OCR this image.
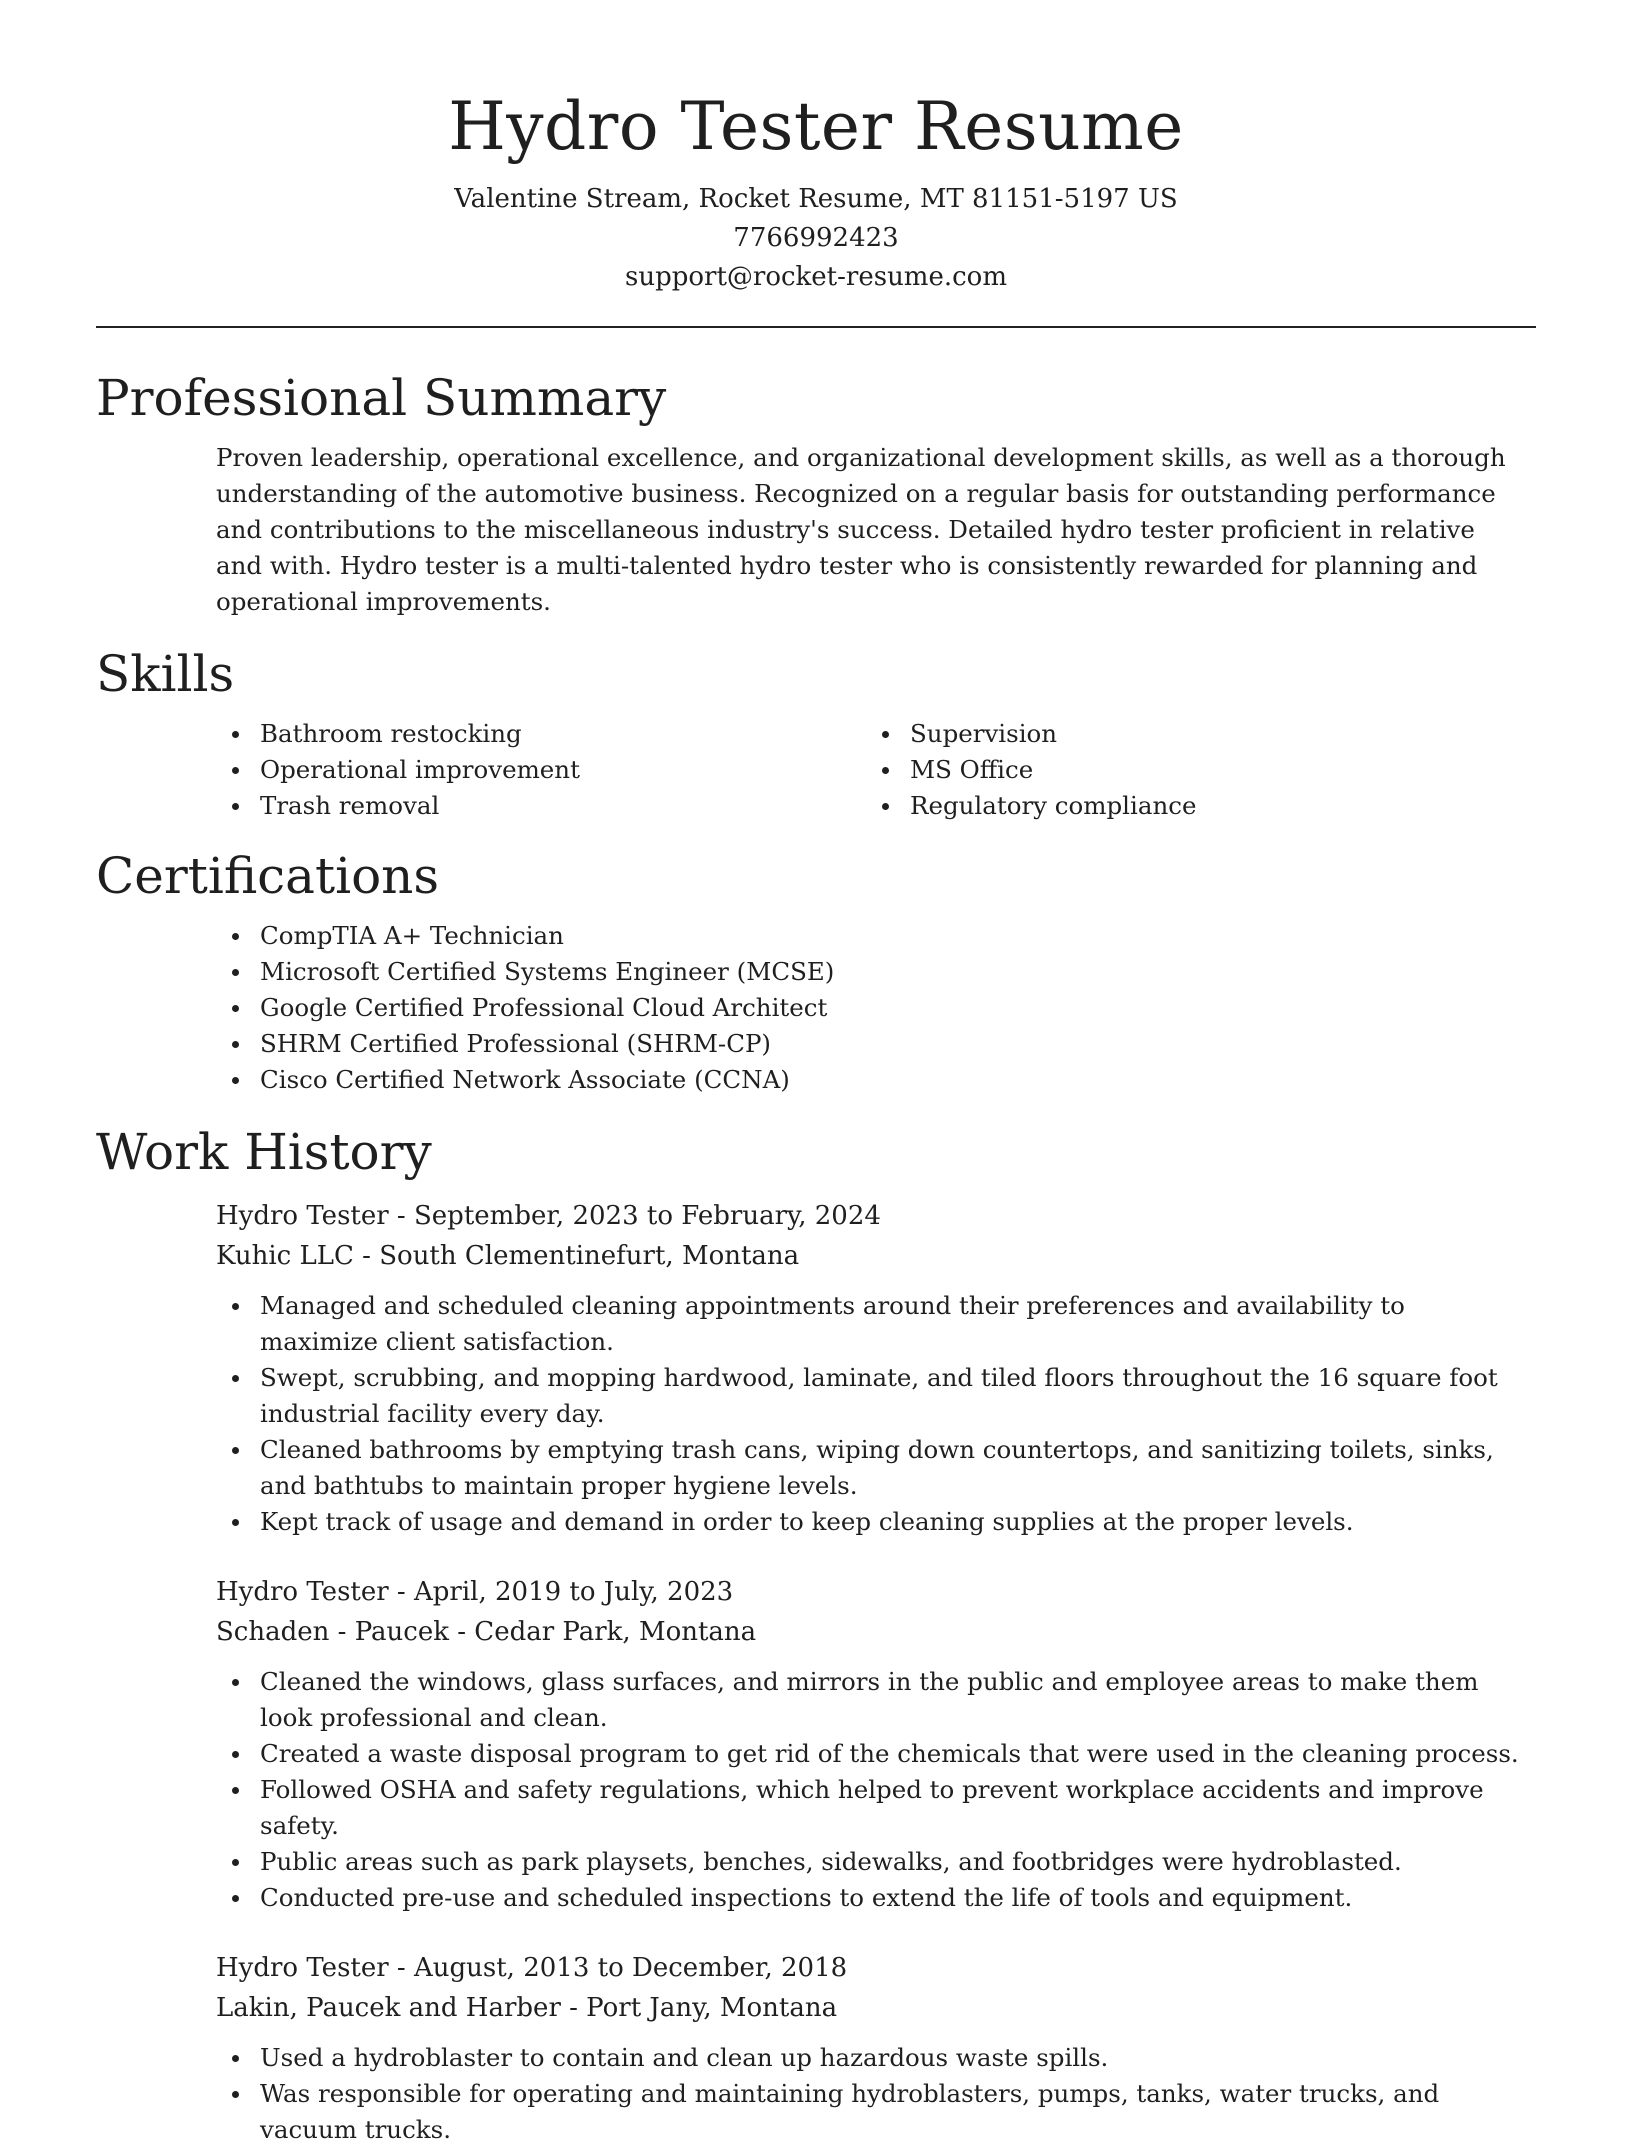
Hydro Tester Resume
Valentine Stream, Rocket Resume, MT 81151-5197 US
7766992423
support@rocket-resume.com
Professional Summary

Proven leadership, operational excellence, and organizational development skills, as well as a thorough understanding of the automotive business. Recognized on a regular basis for outstanding performance and contributions to the miscellaneous industry's success. Detailed hydro tester proficient in relative and with. Hydro tester is a multi-talented hydro tester who is consistently rewarded for planning and operational improvements.

Skills
Bathroom restocking
Operational improvement
Trash removal
Supervision
MS Office
Regulatory compliance
Certifications
CompTIA A+ Technician
Microsoft Certified Systems Engineer (MCSE)
Google Certified Professional Cloud Architect
SHRM Certified Professional (SHRM-CP)
Cisco Certified Network Associate (CCNA)
Work History
Hydro Tester - September, 2023 to February, 2024
Kuhic LLC - South Clementinefurt, Montana
Managed and scheduled cleaning appointments around their preferences and availability to maximize client satisfaction.
Swept, scrubbing, and mopping hardwood, laminate, and tiled floors throughout the 16 square foot industrial facility every day.
Cleaned bathrooms by emptying trash cans, wiping down countertops, and sanitizing toilets, sinks, and bathtubs to maintain proper hygiene levels.
Kept track of usage and demand in order to keep cleaning supplies at the proper levels.
Hydro Tester - April, 2019 to July, 2023
Schaden - Paucek - Cedar Park, Montana
Cleaned the windows, glass surfaces, and mirrors in the public and employee areas to make them look professional and clean.
Created a waste disposal program to get rid of the chemicals that were used in the cleaning process.
Followed OSHA and safety regulations, which helped to prevent workplace accidents and improve safety.
Public areas such as park playsets, benches, sidewalks, and footbridges were hydroblasted.
Conducted pre-use and scheduled inspections to extend the life of tools and equipment.
Hydro Tester - August, 2013 to December, 2018
Lakin, Paucek and Harber - Port Jany, Montana
Used a hydroblaster to contain and clean up hazardous waste spills.
Was responsible for operating and maintaining hydroblasters, pumps, tanks, water trucks, and vacuum trucks.
